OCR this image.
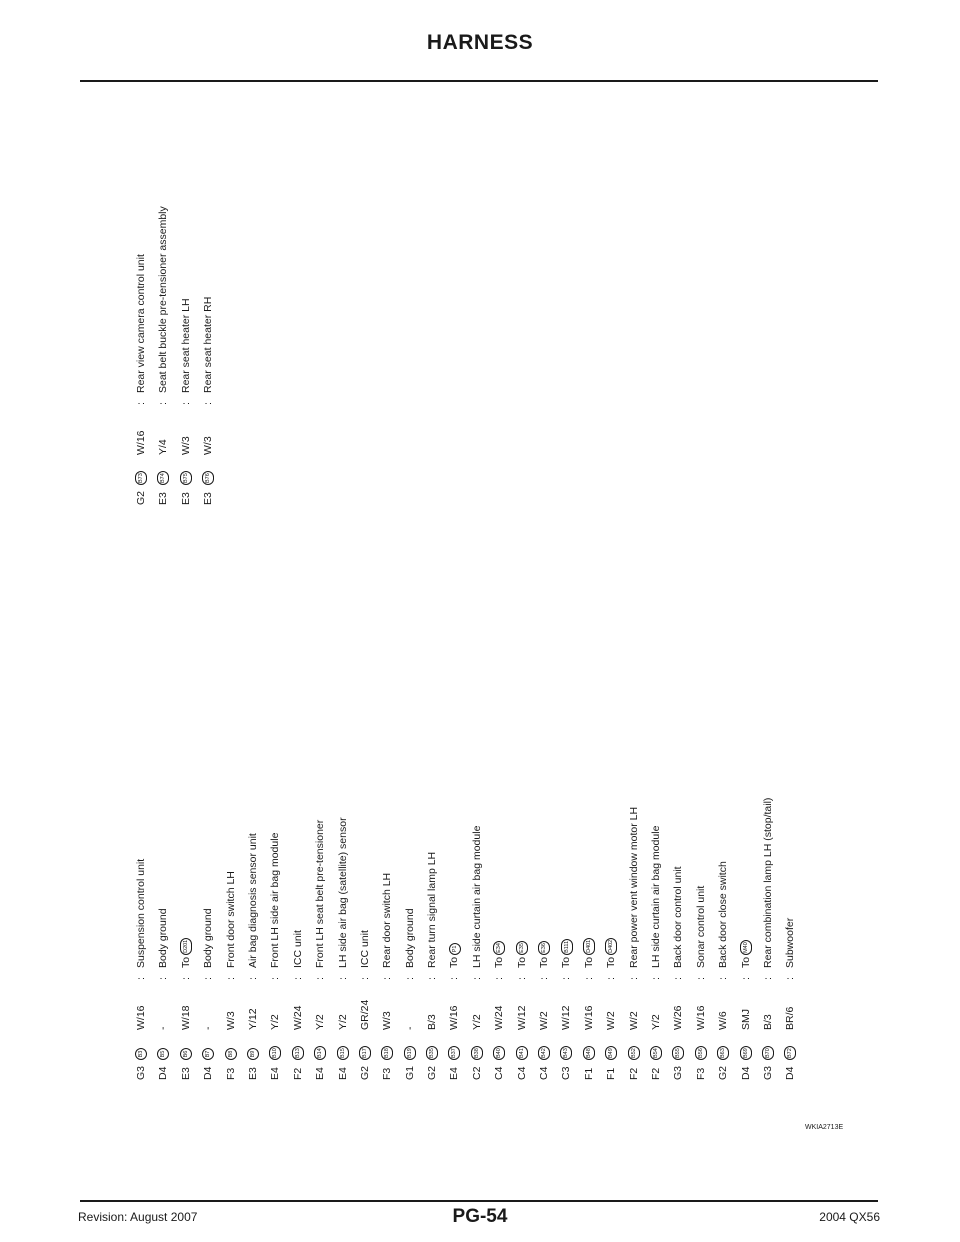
HARNESS
G3
B3
W/16
:
Suspension control unit
D4
B5
-
:
Body ground
E3
B6
W/18
:
ToD201
D4
B7
-
:
Body ground
F3
B8
W/3
:
Front door switch LH
E3
B9
Y/12
:
Air bag diagnosis sensor unit
E4
B10
Y/2
:
Front LH side air bag module
F2
B13
W/24
:
ICC unit
E4
B14
Y/2
:
Front LH seat belt pre-tensioner
E4
B15
Y/2
:
LH side air bag (satellite) sensor
G2
B17
GR/24
:
ICC unit
F3
B18
W/3
:
Rear door switch LH
G1
B19
-
:
Body ground
G2
B35
B/3
:
Rear turn signal lamp LH
E4
B37
W/16
:
ToP1
C2
B38
Y/2
:
LH side curtain air bag module
C4
B40
W/24
:
ToE34
C4
B41
W/12
:
ToE35
C4
B42
W/2
:
ToE36
C3
B43
W/12
:
ToB111
F1
B48
W/16
:
ToD401
F1
B49
W/2
:
ToD402
F2
B52
W/2
:
Rear power vent window motor LH
F2
B54
Y/2
:
LH side curtain air bag module
G3
B55
W/26
:
Back door control unit
F3
B56
W/16
:
Sonar control unit
G2
B63
W/6
:
Back door close switch
D4
B69
SMJ
:
ToM40
G3
B70
B/3
:
Rear combination lamp LH (stop/tail)
D4
B72
BR/6
:
Subwoofer
G2
B73
W/16
:
Rear view camera control unit
E3
B74
Y/4
:
Seat belt buckle pre-tensioner assembly
E3
B75
W/3
:
Rear seat heater LH
E3
B76
W/3
:
Rear seat heater RH
WKIA2713E
Revision: August 2007	PG-54	2004 QX56
